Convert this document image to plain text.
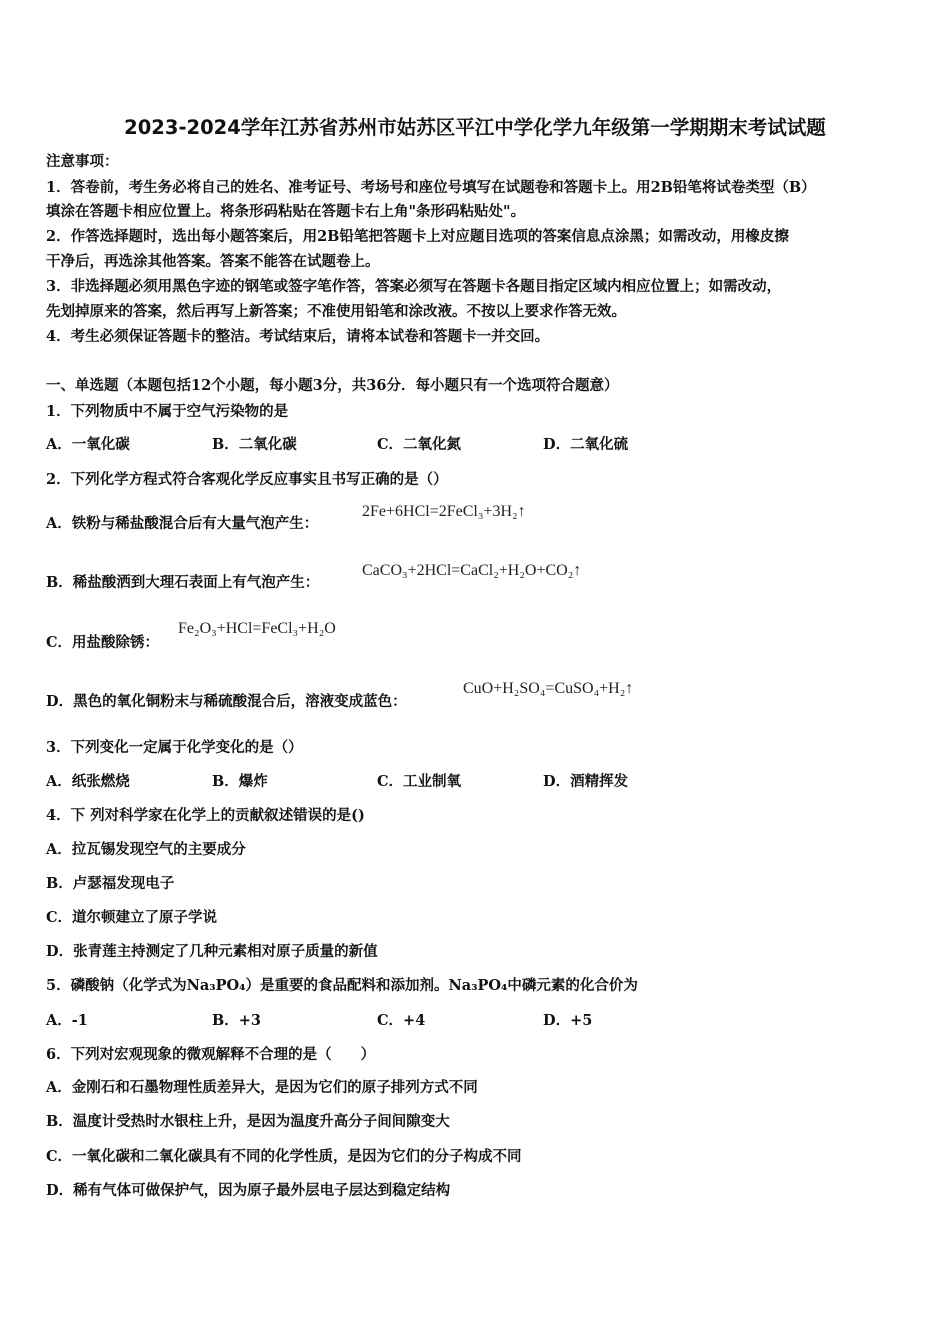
2023-2024学年江苏省苏州市姑苏区平江中学化学九年级第一学期期末考试试题
注意事项：
1．答卷前，考生务必将自己的姓名、准考证号、考场号和座位号填写在试题卷和答题卡上。用2B铅笔将试卷类型（B）
填涂在答题卡相应位置上。将条形码粘贴在答题卡右上角"条形码粘贴处"。
2．作答选择题时，选出每小题答案后，用2B铅笔把答题卡上对应题目选项的答案信息点涂黑；如需改动，用橡皮擦
干净后，再选涂其他答案。答案不能答在试题卷上。
3．非选择题必须用黑色字迹的钢笔或签字笔作答，答案必须写在答题卡各题目指定区域内相应位置上；如需改动，
先划掉原来的答案，然后再写上新答案；不准使用铅笔和涂改液。不按以上要求作答无效。
4．考生必须保证答题卡的整洁。考试结束后，请将本试卷和答题卡一并交回。
一、单选题（本题包括12个小题，每小题3分，共36分．每小题只有一个选项符合题意）
1．下列物质中不属于空气污染物的是
A．一氧化碳	B．二氧化碳	C．二氧化氮	D．二氧化硫
2．下列化学方程式符合客观化学反应事实且书写正确的是（）
A．铁粉与稀盐酸混合后有大量气泡产生：
2Fe+6HCl=2FeCl₃+3H₂↑
B．稀盐酸洒到大理石表面上有气泡产生：
CaCO₃+2HCl=CaCl₂+H₂O+CO₂↑
C．用盐酸除锈：
Fe₂O₃+HCl=FeCl₃+H₂O
D．黑色的氧化铜粉末与稀硫酸混合后，溶液变成蓝色：
CuO+H₂SO₄=CuSO₄+H₂↑
3．下列变化一定属于化学变化的是（）
A．纸张燃烧	B．爆炸	C．工业制氧	D．酒精挥发
4．下 列对科学家在化学上的贡献叙述错误的是()
A．拉瓦锡发现空气的主要成分
B．卢瑟福发现电子
C．道尔顿建立了原子学说
D．张青莲主持测定了几种元素相对原子质量的新值
5．磷酸钠（化学式为Na₃PO₄）是重要的食品配料和添加剂。Na₃PO₄中磷元素的化合价为
A．-1	B．+3	C．+4	D．+5
6．下列对宏观现象的微观解释不合理的是（　　）
A．金刚石和石墨物理性质差异大，是因为它们的原子排列方式不同
B．温度计受热时水银柱上升，是因为温度升高分子间间隙变大
C．一氧化碳和二氧化碳具有不同的化学性质，是因为它们的分子构成不同
D．稀有气体可做保护气，因为原子最外层电子层达到稳定结构
